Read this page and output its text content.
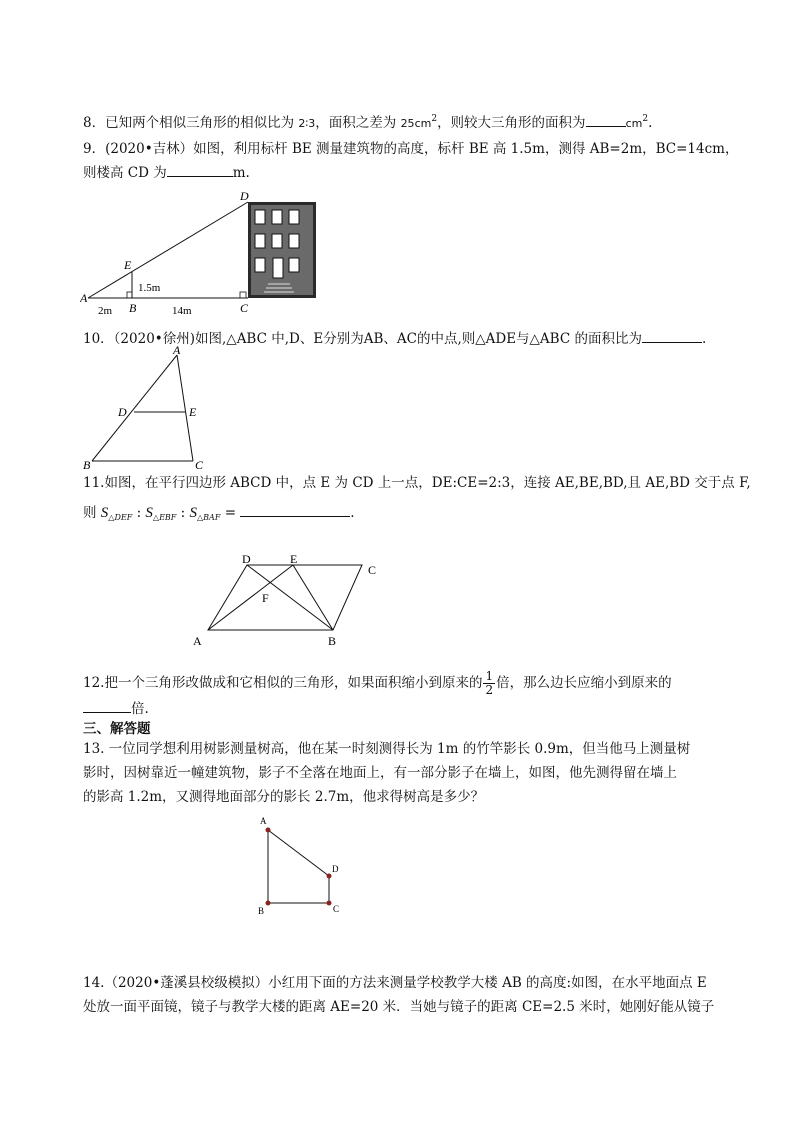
8．已知两个相似三角形的相似比为 2∶3，面积之差为 $25cm^2$，则较大三角形的面积为	$cm^2$.
9．(2020•吉林）如图，利用标杆 BE 测量建筑物的高度，标杆 BE 高 1.5m，测得 AB=2m，BC=14cm，
则楼高 CD 为	m.
A
B	C
D
E
1.5m
2m	14m
10．（2020•徐州)如图,△ABC 中,D、E分别为AB、AC的中点,则△ADE与△ABC 的面积比为	.
A
B	C
D	E
11.如图，在平行四边形 ABCD 中，点 E 为 CD 上一点，DE:CE=2:3，连接 AE,BE,BD,且 AE,BD 交于点 F,
则 $S_{\triangle DEF}$ : $S_{\triangle EBF}$ : $S_{\triangle BAF}$ =	.
A	B
C
D	E
F
12.把一个三角形改做成和它相似的三角形，如果面积缩小到原来的 $\frac{1}{2}$ 倍，那么边长应缩小到原来的
倍.
三、解答题
13. 一位同学想利用树影测量树高，他在某一时刻测得长为 1m 的竹竿影长 0.9m，但当他马上测量树
影时，因树靠近一幢建筑物，影子不全落在地面上，有一部分影子在墙上，如图，他先测得留在墙上
的影高 1.2m，又测得地面部分的影长 2.7m，他求得树高是多少？
A
B	C
D
14.（2020•蓬溪县校级模拟）小红用下面的方法来测量学校教学大楼 AB 的高度:如图，在水平地面点 E
处放一面平面镜，镜子与教学大楼的距离 AE=20 米．当她与镜子的距离 CE=2.5 米时，她刚好能从镜子
